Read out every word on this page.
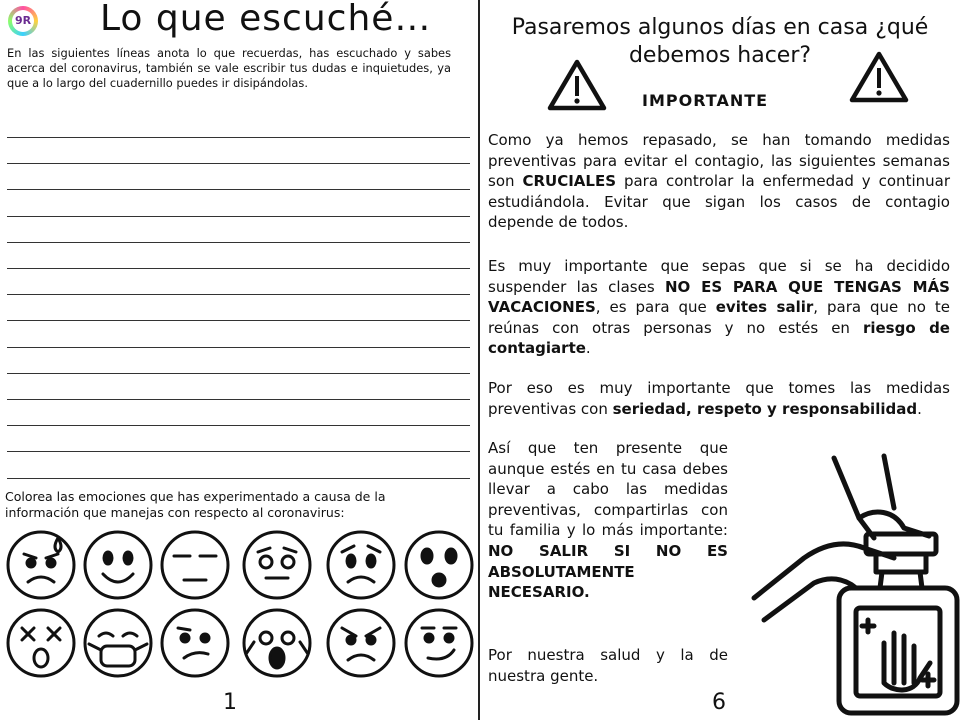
9R Lo que escuché…
En las siguientes líneas anota lo que recuerdas, has escuchado y sabes acerca del coronavirus, también se vale escribir tus dudas e inquietudes, ya que a lo largo del cuadernillo puedes ir disipándolas.
Colorea las emociones que has experimentado a causa de la información que manejas con respecto al coronavirus:
1
Pasaremos algunos días en casa ¿qué debemos hacer?
IMPORTANTE
Como ya hemos repasado, se han tomando medidas preventivas para evitar el contagio, las siguientes semanas son CRUCIALES para controlar la enfermedad y continuar estudiándola. Evitar que sigan los casos de contagio depende de todos.
Es muy importante que sepas que si se ha decidido suspender las clases NO ES PARA QUE TENGAS MÁS VACACIONES, es para que evites salir, para que no te reúnas con otras personas y no estés en riesgo de contagiarte.
Por eso es muy importante que tomes las medidas preventivas con seriedad, respeto y responsabilidad.
Así que ten presente que aunque estés en tu casa debes llevar a cabo las medidas preventivas, compartirlas con tu familia y lo más importante: NO SALIR SI NO ES ABSOLUTAMENTE NECESARIO.
Por nuestra salud y la de nuestra gente.
6
